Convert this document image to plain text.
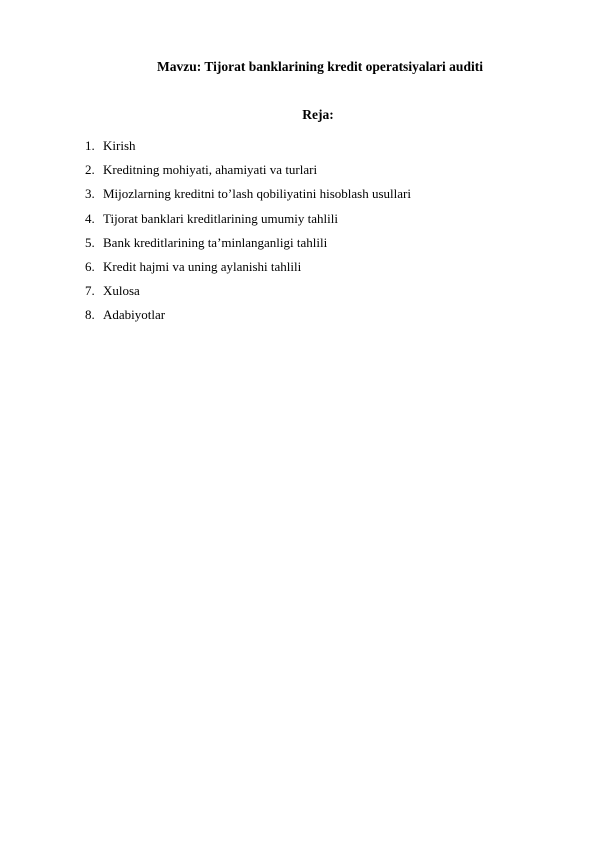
Mavzu: Tijorat banklarining kredit operatsiyalari auditi
Reja:
1. Kirish
2. Kreditning mohiyati, ahamiyati va turlari
3. Mijozlarning kreditni to’lash qobiliyatini hisoblash usullari
4. Tijorat banklari kreditlarining umumiy tahlili
5. Bank kreditlarining ta’minlanganligi tahlili
6. Kredit hajmi va uning aylanishi tahlili
7. Xulosa
8. Adabiyotlar
